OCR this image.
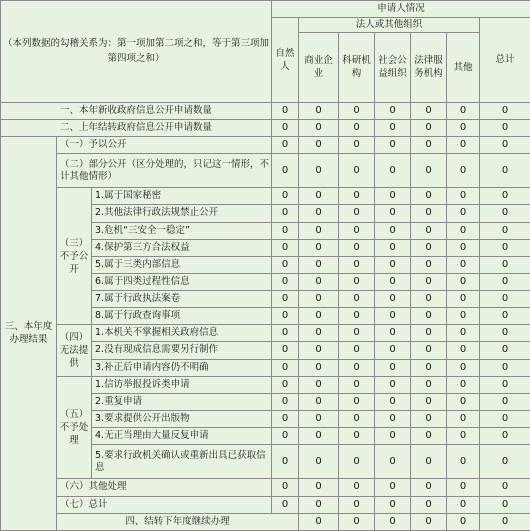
（本列数据的勾稽关系为：第一项加第二项之和，等于第三项加第四项之和）			申请人情况							
			自然人	法人或其他组织					总计	
				商业企业	科研机构	社会公益组织	法律服务机构	其他		
一、本年新收政府信息公开申请数量			0	0	0	0	0	0	0	
二、上年结转政府信息公开申请数量			0	0	0	0	0	0	0	
三、本年度办理结果	（一）予以公开		0	0	0	0	0	0	0	
	（二）部分公开（区分处理的，只记这一情形，不计其他情形）		0	0	0	0	0	0	0	
	（三）不予公开	1.属于国家秘密	0	0	0	0	0	0	0	
		2.其他法律行政法规禁止公开	0	0	0	0	0	0	0	
		3.危机“三安全一稳定”	0	0	0	0	0	0	0	
		4.保护第三方合法权益	0	0	0	0	0	0	0	
		5.属于三类内部信息	0	0	0	0	0	0	0	
		6.属于四类过程性信息	0	0	0	0	0	0	0	
		7.属于行政执法案卷	0	0	0	0	0	0	0	
		8.属于行政查询事项	0	0	0	0	0	0	0	
	（四）无法提供	1.本机关不掌握相关政府信息	0	0	0	0	0	0	0	
		2.没有现成信息需要另行制作	0	0	0	0	0	0	0	
		3.补正后申请内容仍不明确	0	0	0	0	0	0	0	
	（五）不予处理	1.信访举报投诉类申请	0	0	0	0	0	0	0	
		2.重复申请	0	0	0	0	0	0	0	
		3.要求提供公开出版物	0	0	0	0	0	0	0	
		4.无正当理由大量反复申请	0	0	0	0	0	0	0	
		5.要求行政机关确认或重新出具已获取信息	0	0	0	0	0	0	0	
	（六）其他处理		0	0	0	0	0	0	0	
	（七）总计		0	0	0	0	0	0	0	
	四、结转下年度继续办理			0	0	0	0	0	0	
